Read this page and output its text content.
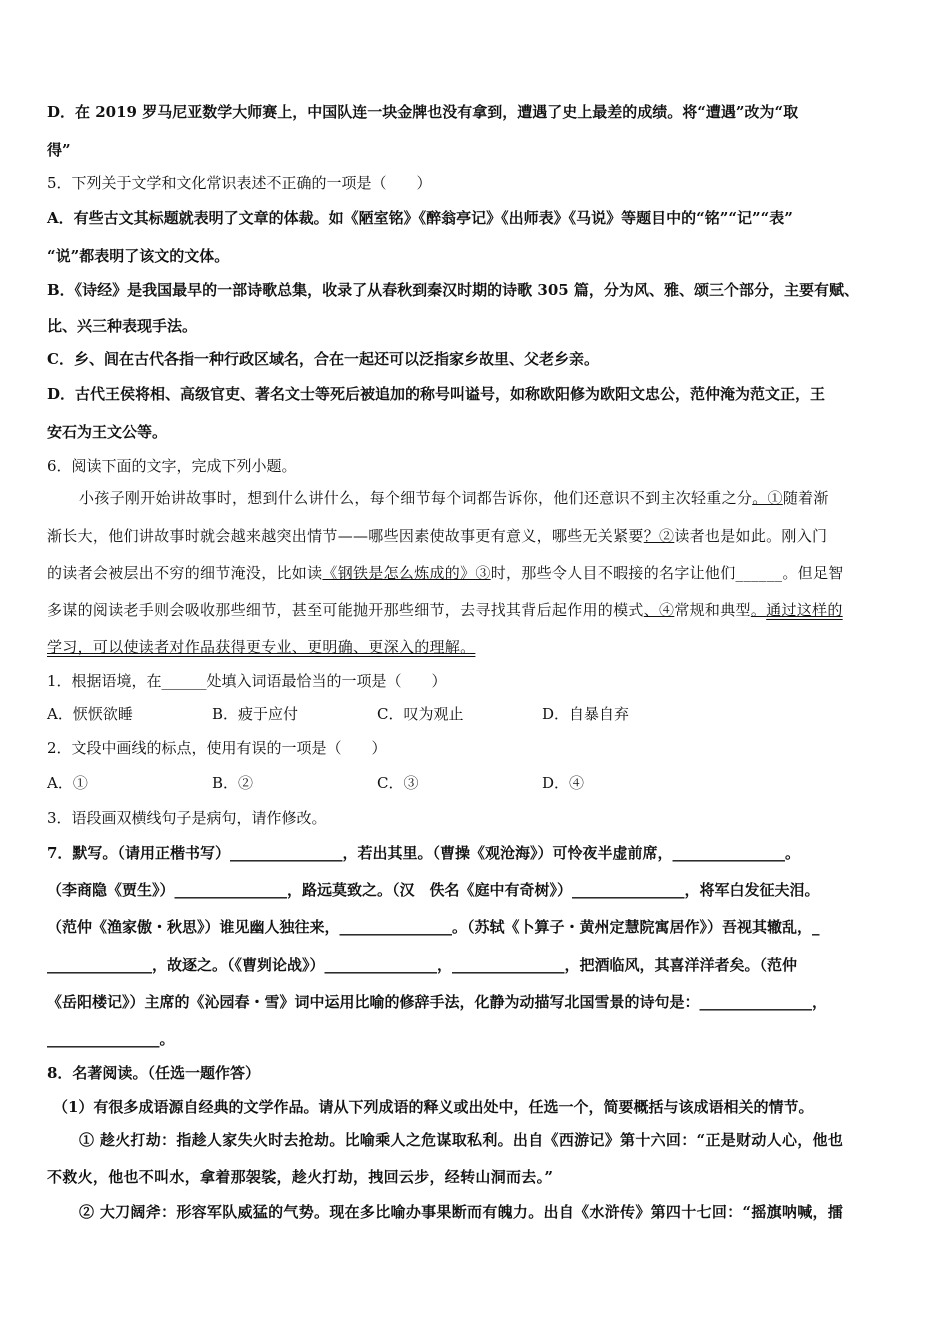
D．在 2019 罗马尼亚数学大师赛上，中国队连一块金牌也没有拿到，遭遇了史上最差的成绩。将“遭遇”改为“取
得”
5．下列关于文学和文化常识表述不正确的一项是（　　）
A．有些古文其标题就表明了文章的体裁。如《陋室铭》《醉翁亭记》《出师表》《马说》等题目中的“铭”“记”“表”
“说”都表明了该文的文体。
B．《诗经》是我国最早的一部诗歌总集，收录了从春秋到秦汉时期的诗歌 305 篇，分为风、雅、颂三个部分，主要有赋、
比、兴三种表现手法。
C．乡、闾在古代各指一种行政区域名，合在一起还可以泛指家乡故里、父老乡亲。
D．古代王侯将相、高级官吏、著名文士等死后被追加的称号叫谥号，如称欧阳修为欧阳文忠公，范仲淹为范文正，王
安石为王文公等。
6．阅读下面的文字，完成下列小题。
小孩子刚开始讲故事时，想到什么讲什么，每个细节每个词都告诉你，他们还意识不到主次轻重之分。①随着渐
渐长大，他们讲故事时就会越来越突出情节——哪些因素使故事更有意义，哪些无关紧要？②读者也是如此。刚入门
的读者会被层出不穷的细节淹没，比如读《钢铁是怎么炼成的》③时，那些令人目不暇接的名字让他们______。但足智
多谋的阅读老手则会吸收那些细节，甚至可能抛开那些细节，去寻找其背后起作用的模式、④常规和典型。通过这样的
学习，可以使读者对作品获得更专业、更明确、更深入的理解。
1．根据语境，在______处填入词语最恰当的一项是（　　）
A．恹恹欲睡	B．疲于应付	C．叹为观止	D．自暴自弃
2．文段中画线的标点，使用有误的一项是（　　）
A．①	B．②	C．③	D．④
3．语段画双横线句子是病句，请作修改。
7．默写。（请用正楷书写）_______________，若出其里。（曹操《观沧海》）可怜夜半虚前席，_______________。
（李商隐《贾生》）_______________，路远莫致之。（汉　佚名《庭中有奇树》）_______________，将军白发征夫泪。
（范仲《渔家傲・秋思》）谁见幽人独往来，_______________。（苏轼《卜算子・黄州定慧院寓居作》）吾视其辙乱，_
______________，故逐之。（《曹刿论战》）_______________，_______________，把酒临风，其喜洋洋者矣。（范仲
《岳阳楼记》）主席的《沁园春・雪》词中运用比喻的修辞手法，化静为动描写北国雪景的诗句是：_______________，
_______________。
8．名著阅读。（任选一题作答）
（1）有很多成语源自经典的文学作品。请从下列成语的释义或出处中，任选一个，简要概括与该成语相关的情节。
① 趁火打劫：指趁人家失火时去抢劫。比喻乘人之危谋取私利。出自《西游记》第十六回：“正是财动人心，他也
不救火，他也不叫水，拿着那袈裟，趁火打劫，拽回云步，经转山洞而去。”
② 大刀阔斧：形容军队威猛的气势。现在多比喻办事果断而有魄力。出自《水浒传》第四十七回：“摇旗呐喊，擂
